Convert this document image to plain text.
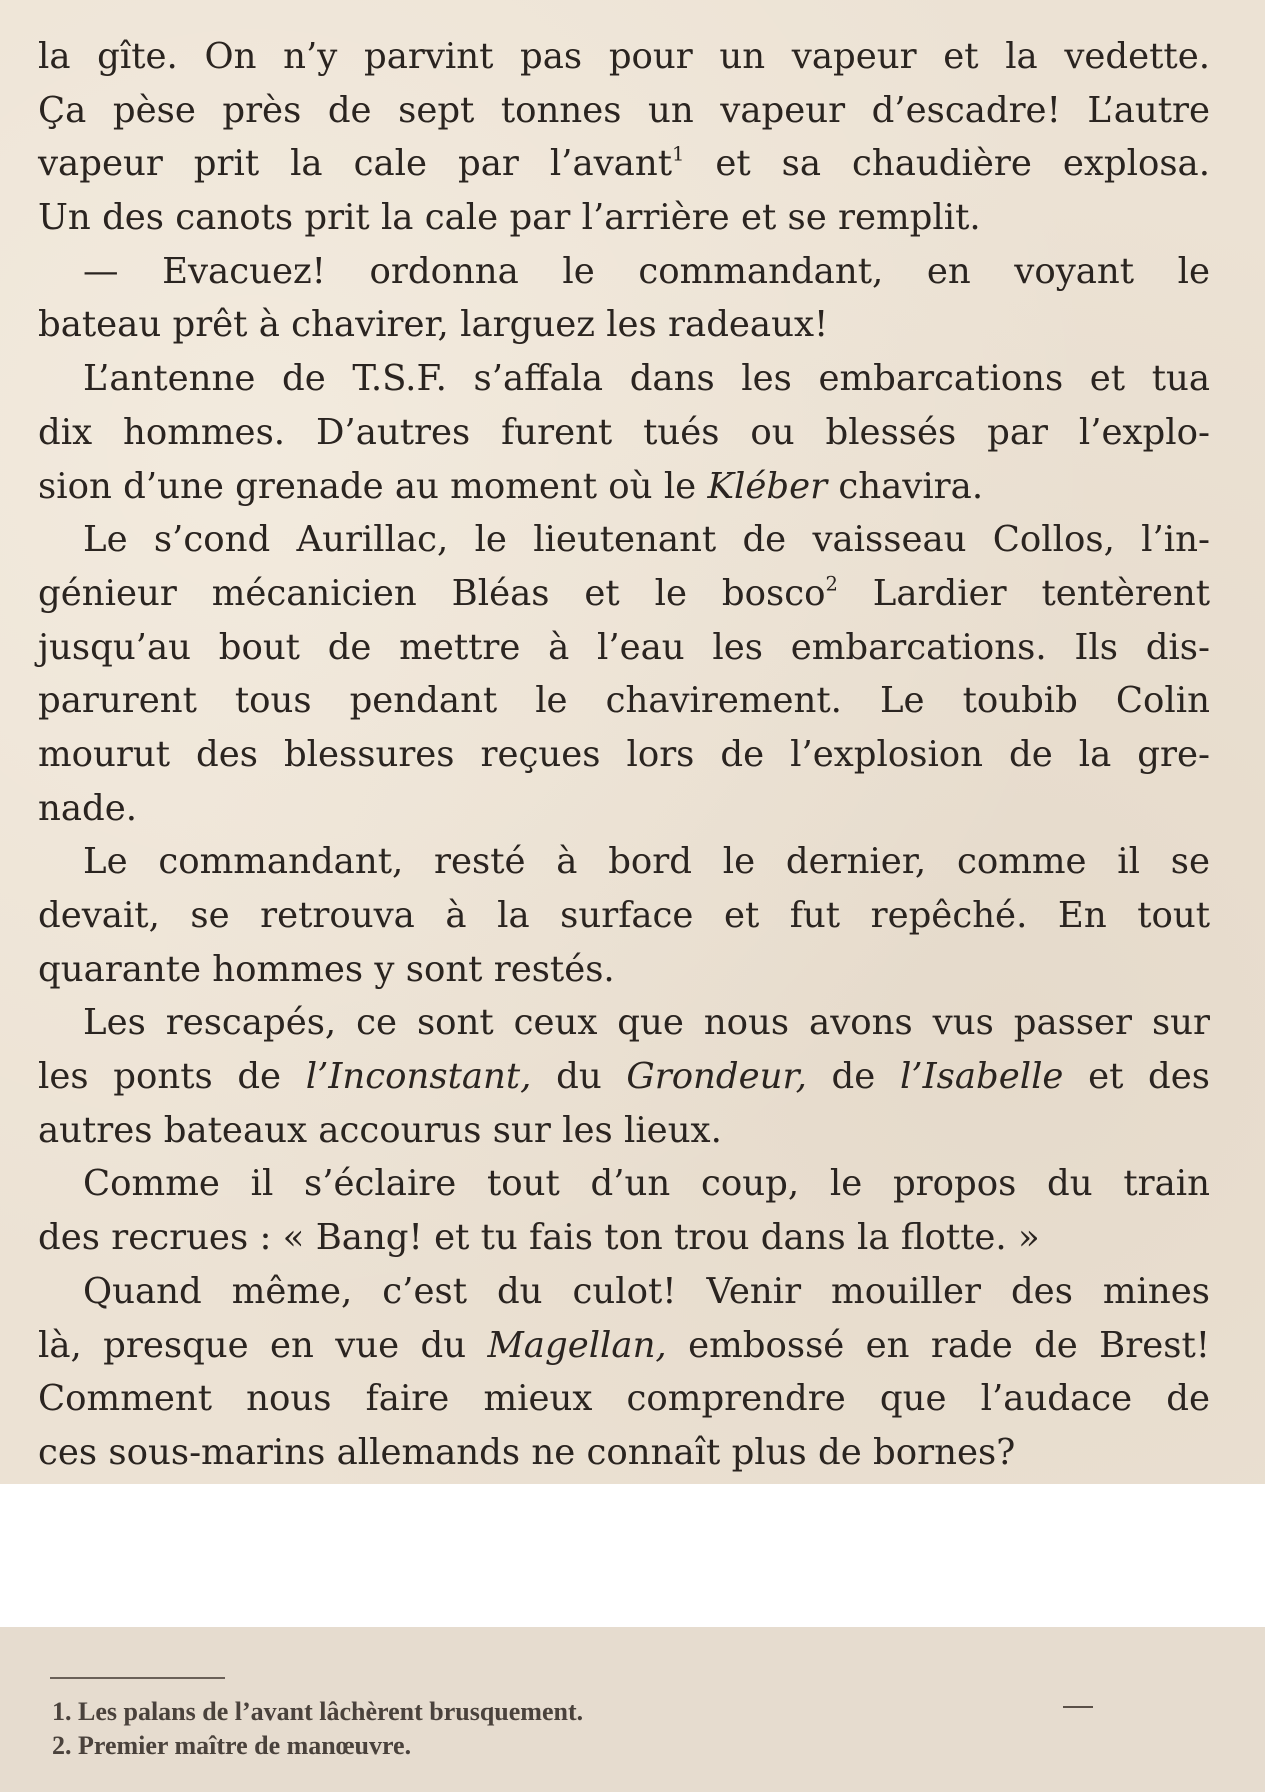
la gîte. On n’y parvint pas pour un vapeur et la vedette.
Ça pèse près de sept tonnes un vapeur d’escadre! L’autre
vapeur prit la cale par l’avant$^1$ et sa chaudière explosa.
Un des canots prit la cale par l’arrière et se remplit.
— Evacuez! ordonna le commandant, en voyant le
bateau prêt à chavirer, larguez les radeaux!
L’antenne de T.S.F. s’affala dans les embarcations et tua
dix hommes. D’autres furent tués ou blessés par l’explo-
sion d’une grenade au moment où le Kléber chavira.
Le s’cond Aurillac, le lieutenant de vaisseau Collos, l’in-
génieur mécanicien Bléas et le bosco$^2$ Lardier tentèrent
jusqu’au bout de mettre à l’eau les embarcations. Ils dis-
parurent tous pendant le chavirement. Le toubib Colin
mourut des blessures reçues lors de l’explosion de la gre-
nade.
Le commandant, resté à bord le dernier, comme il se
devait, se retrouva à la surface et fut repêché. En tout
quarante hommes y sont restés.
Les rescapés, ce sont ceux que nous avons vus passer sur
les ponts de l’Inconstant, du Grondeur, de l’Isabelle et des
autres bateaux accourus sur les lieux.
Comme il s’éclaire tout d’un coup, le propos du train
des recrues : « Bang! et tu fais ton trou dans la flotte. »
Quand même, c’est du culot! Venir mouiller des mines
là, presque en vue du Magellan, embossé en rade de Brest!
Comment nous faire mieux comprendre que l’audace de
ces sous-marins allemands ne connaît plus de bornes?
1. Les palans de l’avant lâchèrent brusquement.
2. Premier maître de manœuvre.
